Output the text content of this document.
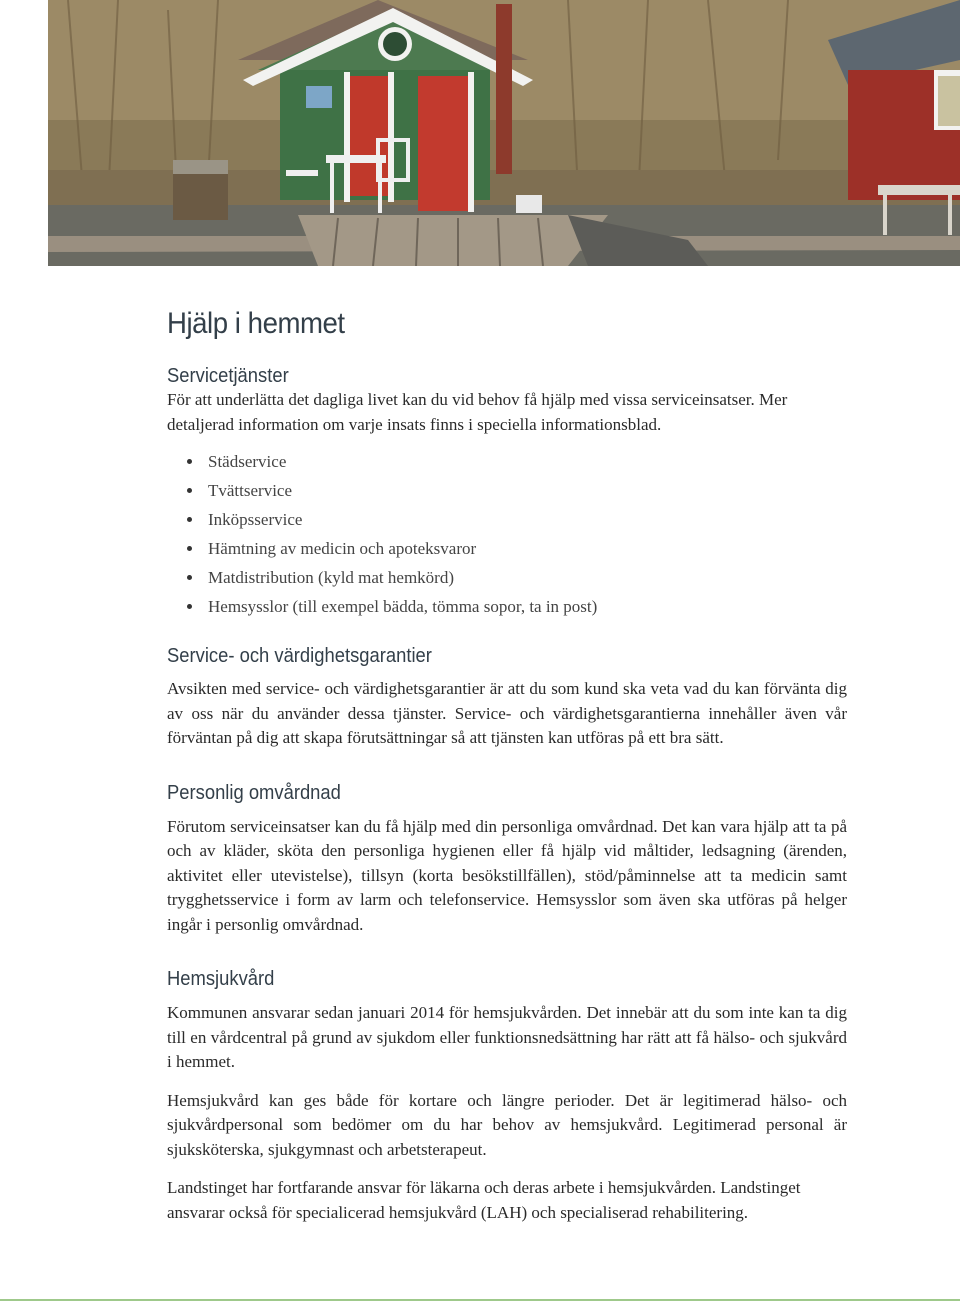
Hjälp i hemmet
Servicetjänster

För att underlätta det dagliga livet kan du vid behov få hjälp med vissa serviceinsatser. Mer detaljerad information om varje insats finns i speciella informationsblad.

Städservice
Tvättservice
Inköpsservice
Hämtning av medicin och apoteksvaror
Matdistribution (kyld mat hemkörd)
Hemsysslor (till exempel bädda, tömma sopor, ta in post)
Service- och värdighetsgarantier

Avsikten med service- och värdighetsgarantier är att du som kund ska veta vad du kan förvänta dig av oss när du använder dessa tjänster. Service- och värdighetsgarantierna innehåller även vår förväntan på dig att skapa förutsättningar så att tjänsten kan utföras på ett bra sätt.

Personlig omvårdnad

Förutom serviceinsatser kan du få hjälp med din personliga omvårdnad. Det kan vara hjälp att ta på och av kläder, sköta den personliga hygienen eller få hjälp vid måltider, ledsagning (ärenden, aktivitet eller utevistelse), tillsyn (korta besökstillfällen), stöd/påminnelse att ta medicin samt trygghetsservice i form av larm och telefonservice. Hemsysslor som även ska utföras på helger ingår i personlig omvårdnad.

Hemsjukvård

Kommunen ansvarar sedan januari 2014 för hemsjukvården. Det innebär att du som inte kan ta dig till en vårdcentral på grund av sjukdom eller funktionsnedsättning har rätt att få hälso- och sjukvård i hemmet.

Hemsjukvård kan ges både för kortare och längre perioder. Det är legitimerad hälso- och sjukvårdpersonal som bedömer om du har behov av hemsjukvård. Legitimerad personal är sjuksköterska, sjukgymnast och arbetsterapeut.

Landstinget har fortfarande ansvar för läkarna och deras arbete i hemsjukvården. Landstinget ansvarar också för specialicerad hemsjukvård (LAH) och specialiserad rehabilitering.
